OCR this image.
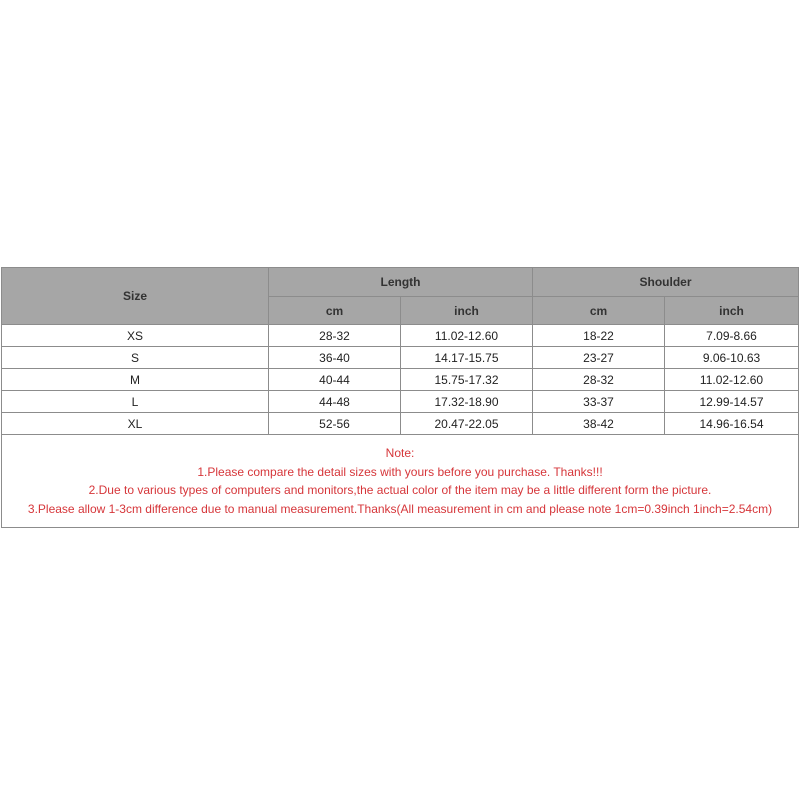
Size	Length		Shoulder	
	cm	inch	cm	inch
XS	28-32	11.02-12.60	18-22	7.09-8.66
S	36-40	14.17-15.75	23-27	9.06-10.63
M	40-44	15.75-17.32	28-32	11.02-12.60
L	44-48	17.32-18.90	33-37	12.99-14.57
XL	52-56	20.47-22.05	38-42	14.96-16.54

Note:
1.Please compare the detail sizes with yours before you purchase. Thanks!!!
2.Due to various types of computers and monitors,the actual color of the item may be a little different form the picture.
3.Please allow 1-3cm difference due to manual measurement.Thanks(All measurement in cm and please note 1cm=0.39inch 1inch=2.54cm)				
